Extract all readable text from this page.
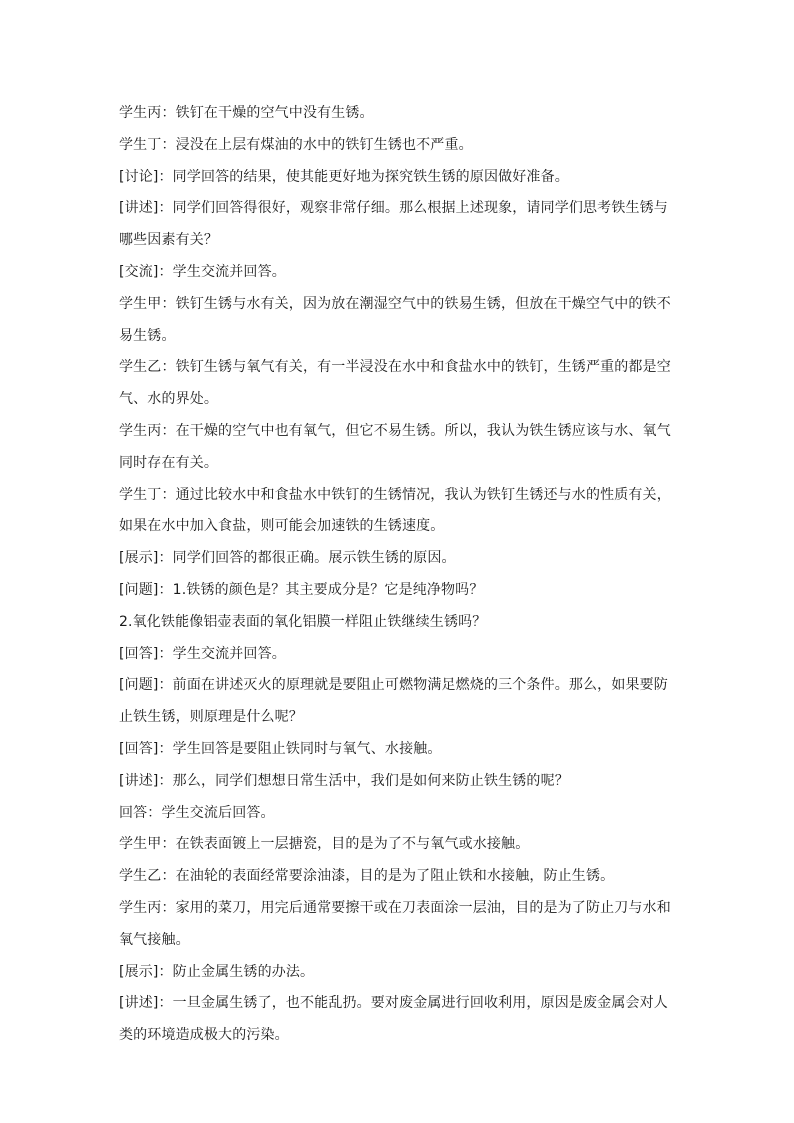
学生丙：铁钉在干燥的空气中没有生锈。

学生丁：浸没在上层有煤油的水中的铁钉生锈也不严重。

[讨论]：同学回答的结果，使其能更好地为探究铁生锈的原因做好准备。

[讲述]：同学们回答得很好，观察非常仔细。那么根据上述现象，请同学们思考铁生锈与哪些因素有关？

[交流]：学生交流并回答。

学生甲：铁钉生锈与水有关，因为放在潮湿空气中的铁易生锈，但放在干燥空气中的铁不易生锈。

学生乙：铁钉生锈与氧气有关，有一半浸没在水中和食盐水中的铁钉，生锈严重的都是空气、水的界处。

学生丙：在干燥的空气中也有氧气，但它不易生锈。所以，我认为铁生锈应该与水、氧气同时存在有关。

学生丁：通过比较水中和食盐水中铁钉的生锈情况，我认为铁钉生锈还与水的性质有关，如果在水中加入食盐，则可能会加速铁的生锈速度。

[展示]：同学们回答的都很正确。展示铁生锈的原因。

[问题]：1.铁锈的颜色是？其主要成分是？它是纯净物吗？

2.氧化铁能像铝壶表面的氧化铝膜一样阻止铁继续生锈吗？

[回答]：学生交流并回答。

[问题]：前面在讲述灭火的原理就是要阻止可燃物满足燃烧的三个条件。那么，如果要防止铁生锈，则原理是什么呢？

[回答]：学生回答是要阻止铁同时与氧气、水接触。

[讲述]：那么，同学们想想日常生活中，我们是如何来防止铁生锈的呢？

回答：学生交流后回答。

学生甲：在铁表面镀上一层搪瓷，目的是为了不与氧气或水接触。

学生乙：在油轮的表面经常要涂油漆，目的是为了阻止铁和水接触，防止生锈。

学生丙：家用的菜刀，用完后通常要擦干或在刀表面涂一层油，目的是为了防止刀与水和氧气接触。

[展示]：防止金属生锈的办法。

[讲述]：一旦金属生锈了，也不能乱扔。要对废金属进行回收利用，原因是废金属会对人类的环境造成极大的污染。
